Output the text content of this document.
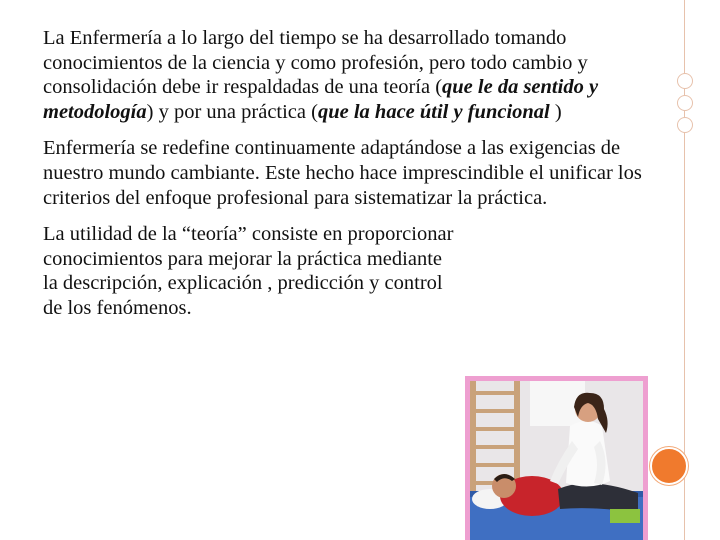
La Enfermería a lo largo del tiempo se ha desarrollado tomando conocimientos de la ciencia y como profesión, pero todo cambio y consolidación debe ir respaldadas de una teoría (que le da sentido y metodología) y por una práctica (que la hace útil y funcional )

Enfermería se redefine continuamente adaptándose a las exigencias de nuestro mundo cambiante. Este hecho hace imprescindible el unificar los criterios del enfoque profesional para sistematizar la práctica.

La utilidad de la “teoría” consiste en proporcionar conocimientos para mejorar la práctica mediante la descripción, explicación , predicción y control de los fenómenos.
